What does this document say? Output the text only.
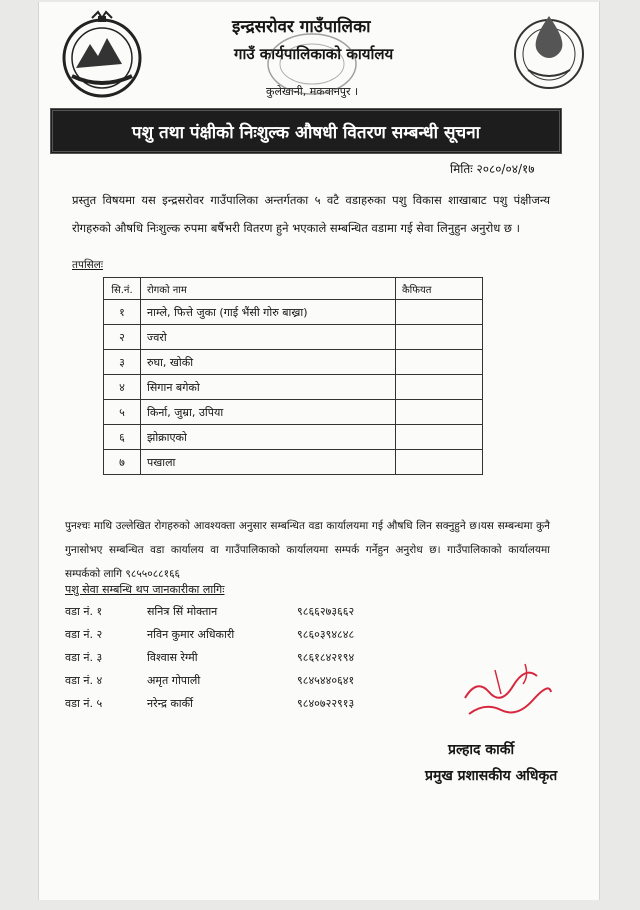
इन्द्रसरोवर गाउँपालिका
गाउँ कार्यपालिकाको कार्यालय
कुलेखानी, मकवानपुर ।
पशु तथा पंक्षीको निःशुल्क औषधी वितरण सम्बन्धी सूचना
मितिः २०८०/०४/१७
प्रस्तुत विषयमा यस इन्द्रसरोवर गाउँपालिका अन्तर्गतका ५ वटै वडाहरुका पशु विकास शाखाबाट पशु पंक्षीजन्य रोगहरुको औषधि निःशुल्क रुपमा बर्षैभरी वितरण हुने भएकाले सम्बन्धित वडामा गई सेवा लिनुहुन अनुरोध छ ।
तपसिलः
सि.नं.	रोगको नाम	कैफियत
१	नाम्ले, फित्ते जुका (गाई भैंसी गोरु बाख्रा)	
२	ज्वरो	
३	रुघा, खोकी	
४	सिगान बगेको	
५	किर्ना, जुम्रा, उपिया	
६	झोक्राएको	
७	पखाला	
पुनश्चः माथि उल्लेखित रोगहरुको आवश्यक्ता अनुसार सम्बन्धित वडा कार्यालयमा गई औषधि लिन सक्नुहुने छ।यस सम्बन्धमा कुनै गुनासोभए सम्बन्धित वडा कार्यालय वा गाउँपालिकाको कार्यालयमा सम्पर्क गर्नेहुन अनुरोध छ। गाउँपालिकाको कार्यालयमा सम्पर्कको लागि ९८५५०८८१६६
पशु सेवा सम्बन्धि थप जानकारीका लागिः
वडा नं. १	सनित्र सिं मोक्तान	९८६६२७३६६२
वडा नं. २	नविन कुमार अधिकारी	९८६०३९४८४८
वडा नं. ३	विश्वास रेग्मी	९८६१८४२१९४
वडा नं. ४	अमृत गोपाली	९८४५४४०६४१
वडा नं. ५	नरेन्द्र कार्की	९८४०७२२९१३
प्रल्हाद कार्की
प्रमुख प्रशासकीय अधिकृत
